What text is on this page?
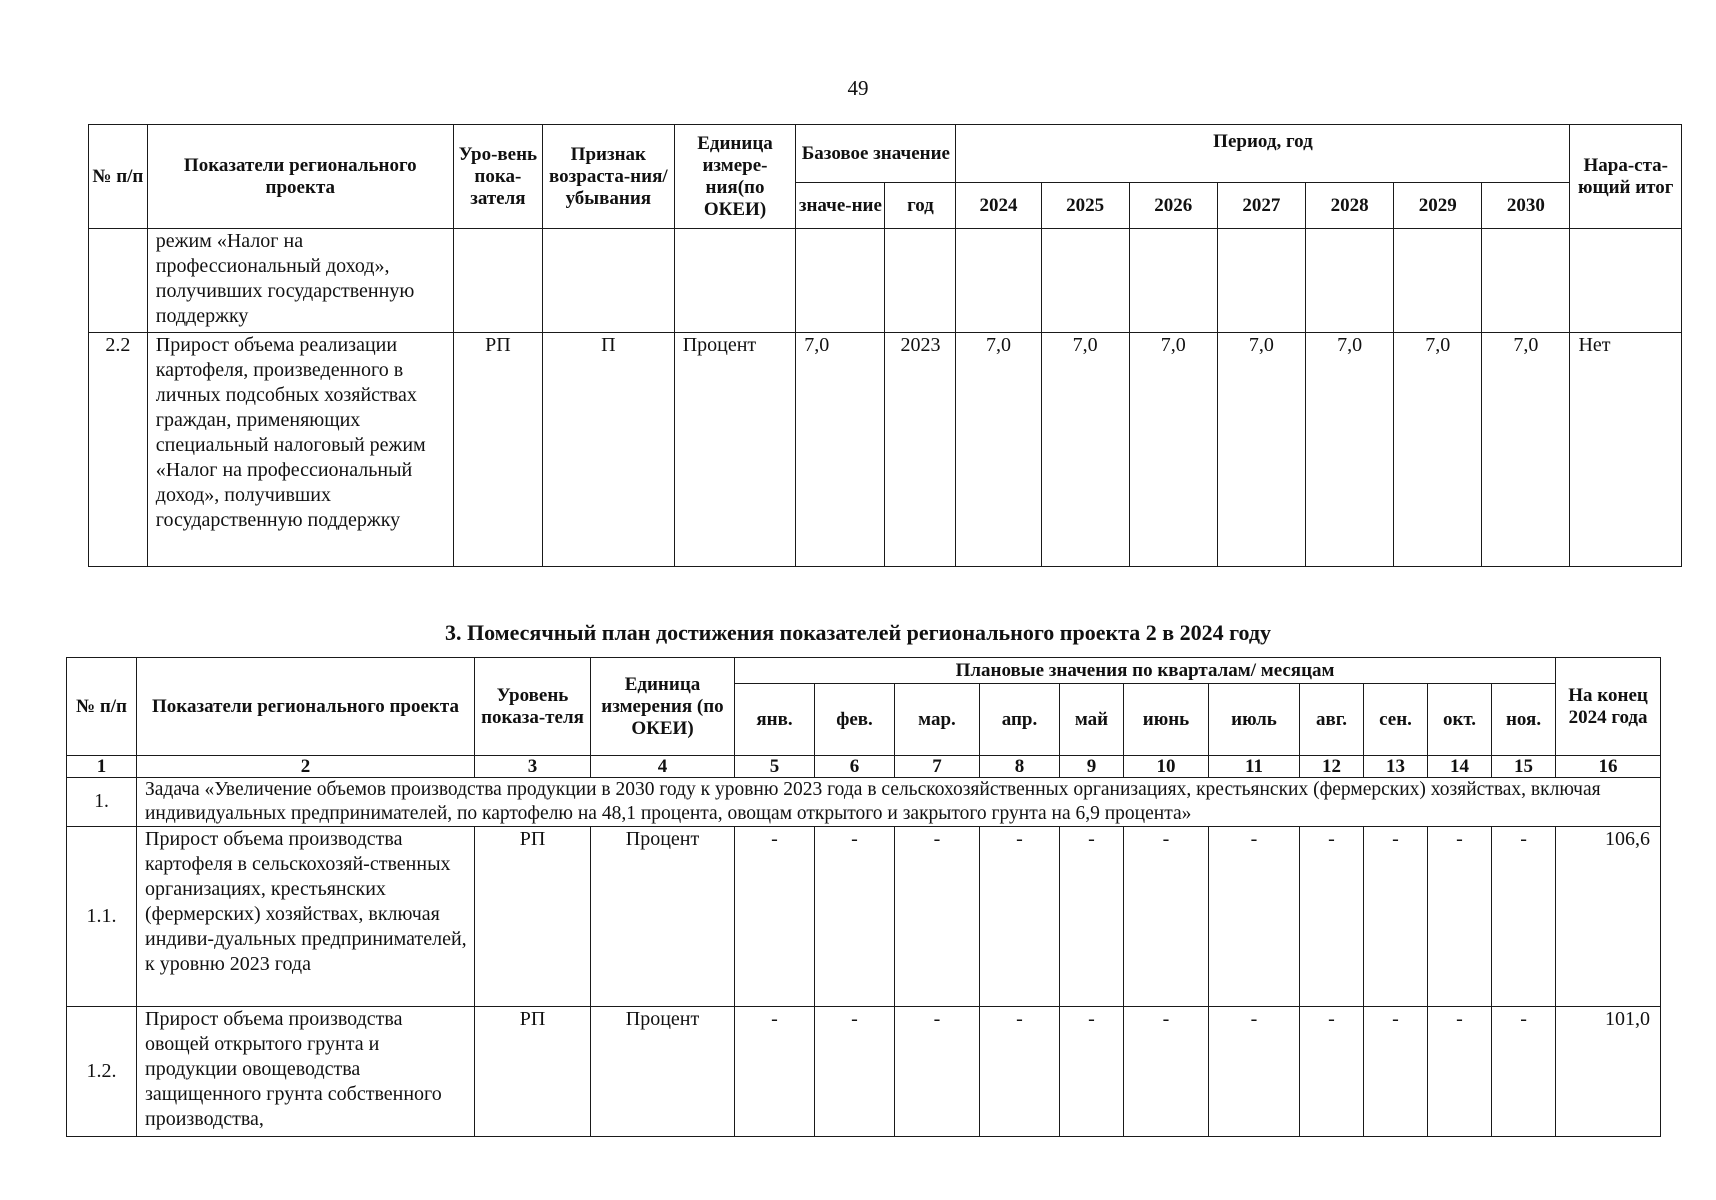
49
№ п/п	Показатели регионального проекта	Уро-вень пока-зателя	Признак возраста-ния/ убывания	Единица измере-ния(по ОКЕИ)	Базовое значение		Период, год							Нара-ста-ющий итог
					значе-ние	год	2024	2025	2026	2027	2028	2029	2030	
	режим «Налог на профессиональный доход», получивших государственную поддержку													
2.2	Прирост объема реализации картофеля, произведенного в личных подсобных хозяйствах граждан, применяющих специальный налоговый режим «Налог на профессиональный доход», получивших государственную поддержку	РП	П	Процент	7,0	2023	7,0	7,0	7,0	7,0	7,0	7,0	7,0	Нет
3. Помесячный план достижения показателей регионального проекта 2 в 2024 году
№ п/п	Показатели регионального проекта	Уровень показа-теля	Единица измерения (по ОКЕИ)	Плановые значения по кварталам/ месяцам											На конец 2024 года
				янв.	фев.	мар.	апр.	май	июнь	июль	авг.	сен.	окт.	ноя.	
1	2	3	4	5	6	7	8	9	10	11	12	13	14	15	16
1.	Задача «Увеличение объемов производства продукции в 2030 году к уровню 2023 года в сельскохозяйственных организациях, крестьянских (фермерских) хозяйствах, включая индивидуальных предпринимателей, по картофелю на 48,1 процента, овощам открытого и закрытого грунта на 6,9 процента»														
1.1.	Прирост объема производства картофеля в сельскохозяй-ственных организациях, крестьянских (фермерских) хозяйствах, включая индиви-дуальных предпринимателей, к уровню 2023 года	РП	Процент	-	-	-	-	-	-	-	-	-	-	-	106,6
1.2.	Прирост объема производства овощей открытого грунта и продукции овощеводства защищенного грунта собственного производства,	РП	Процент	-	-	-	-	-	-	-	-	-	-	-	101,0
